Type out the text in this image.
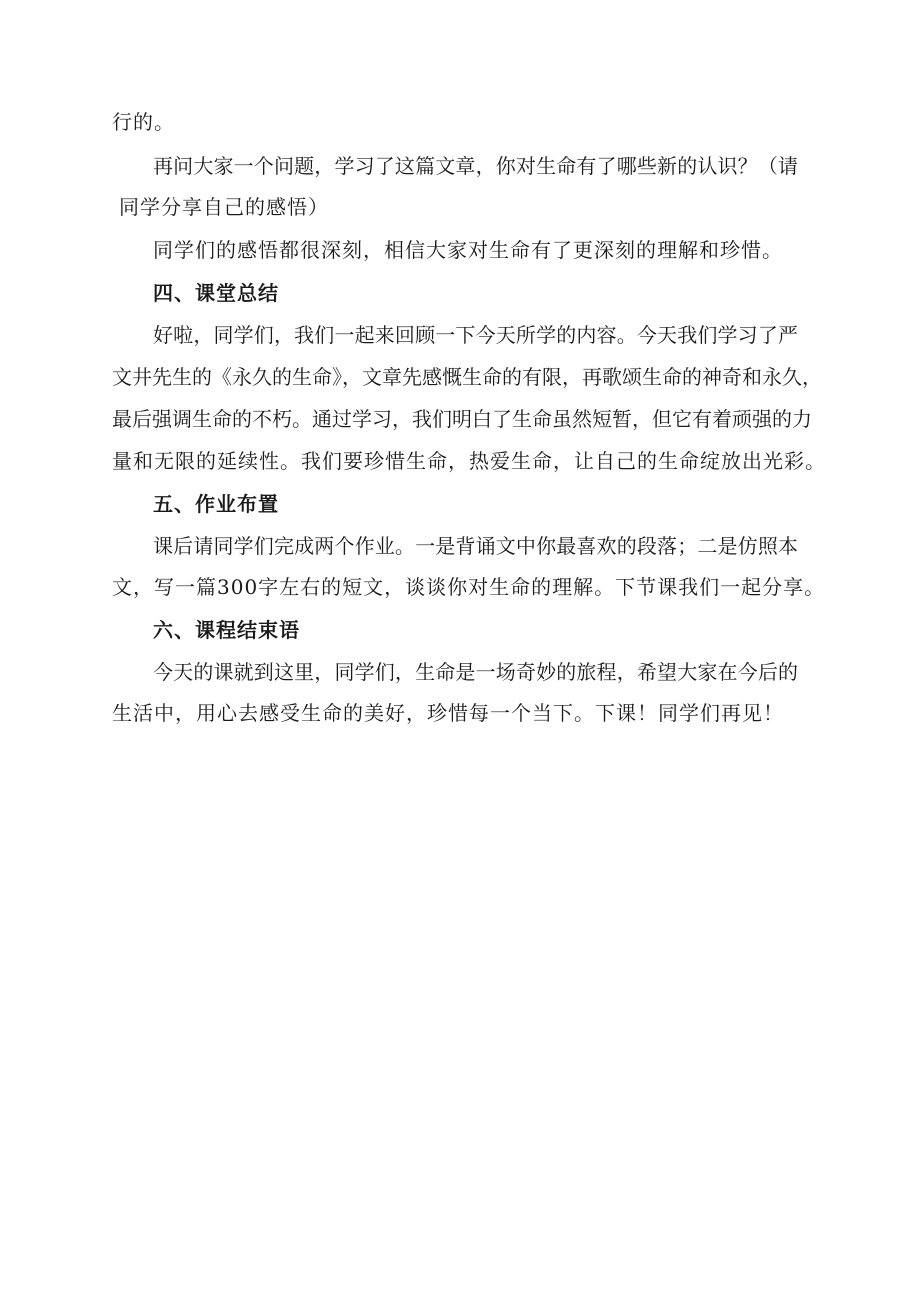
行的。
再问大家一个问题，学习了这篇文章，你对生命有了哪些新的认识？（请
同学分享自己的感悟）
同学们的感悟都很深刻，相信大家对生命有了更深刻的理解和珍惜。
四、课堂总结
好啦，同学们，我们一起来回顾一下今天所学的内容。今天我们学习了严
文井先生的《永久的生命》，文章先感慨生命的有限，再歌颂生命的神奇和永久，
最后强调生命的不朽。通过学习，我们明白了生命虽然短暂，但它有着顽强的力
量和无限的延续性。我们要珍惜生命，热爱生命，让自己的生命绽放出光彩。
五、作业布置
课后请同学们完成两个作业。一是背诵文中你最喜欢的段落；二是仿照本
文，写一篇300字左右的短文，谈谈你对生命的理解。下节课我们一起分享。
六、课程结束语
今天的课就到这里，同学们，生命是一场奇妙的旅程，希望大家在今后的
生活中，用心去感受生命的美好，珍惜每一个当下。下课！同学们再见！
